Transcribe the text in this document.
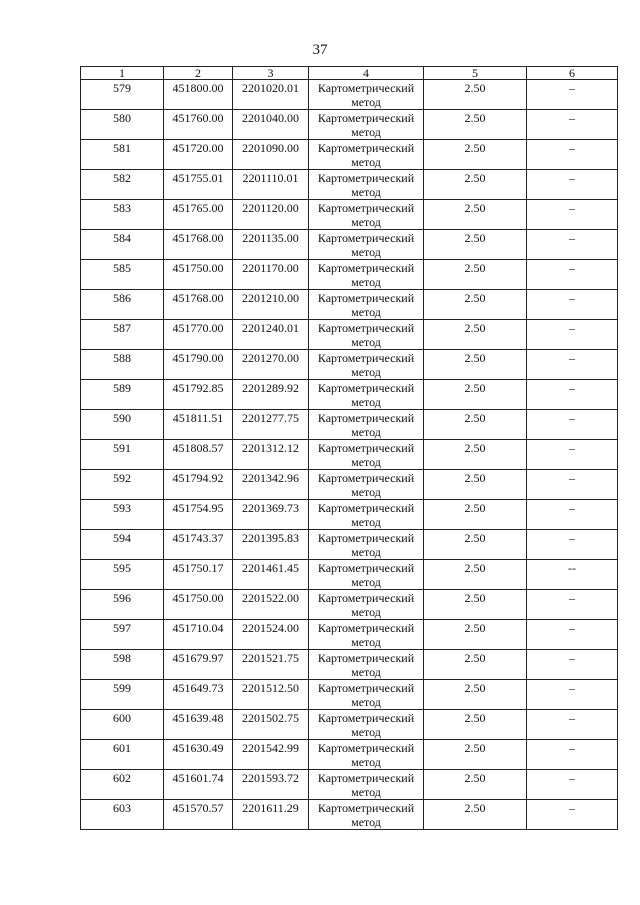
37
1	2	3	4	5	6

579	451800.00	2201020.01	Картометрический метод	2.50	–

580	451760.00	2201040.00	Картометрический метод	2.50	–

581	451720.00	2201090.00	Картометрический метод	2.50	–

582	451755.01	2201110.01	Картометрический метод	2.50	–

583	451765.00	2201120.00	Картометрический метод	2.50	–

584	451768.00	2201135.00	Картометрический метод	2.50	–

585	451750.00	2201170.00	Картометрический метод	2.50	–

586	451768.00	2201210.00	Картометрический метод	2.50	–

587	451770.00	2201240.01	Картометрический метод	2.50	–

588	451790.00	2201270.00	Картометрический метод	2.50	–

589	451792.85	2201289.92	Картометрический метод	2.50	–

590	451811.51	2201277.75	Картометрический метод	2.50	–

591	451808.57	2201312.12	Картометрический метод	2.50	–

592	451794.92	2201342.96	Картометрический метод	2.50	–

593	451754.95	2201369.73	Картометрический метод	2.50	–

594	451743.37	2201395.83	Картометрический метод	2.50	–

595	451750.17	2201461.45	Картометрический метод	2.50	--

596	451750.00	2201522.00	Картометрический метод	2.50	–

597	451710.04	2201524.00	Картометрический метод	2.50	–

598	451679.97	2201521.75	Картометрический метод	2.50	–

599	451649.73	2201512.50	Картометрический метод	2.50	–

600	451639.48	2201502.75	Картометрический метод	2.50	–

601	451630.49	2201542.99	Картометрический метод	2.50	–

602	451601.74	2201593.72	Картометрический метод	2.50	–

603	451570.57	2201611.29	Картометрический метод	2.50	–
